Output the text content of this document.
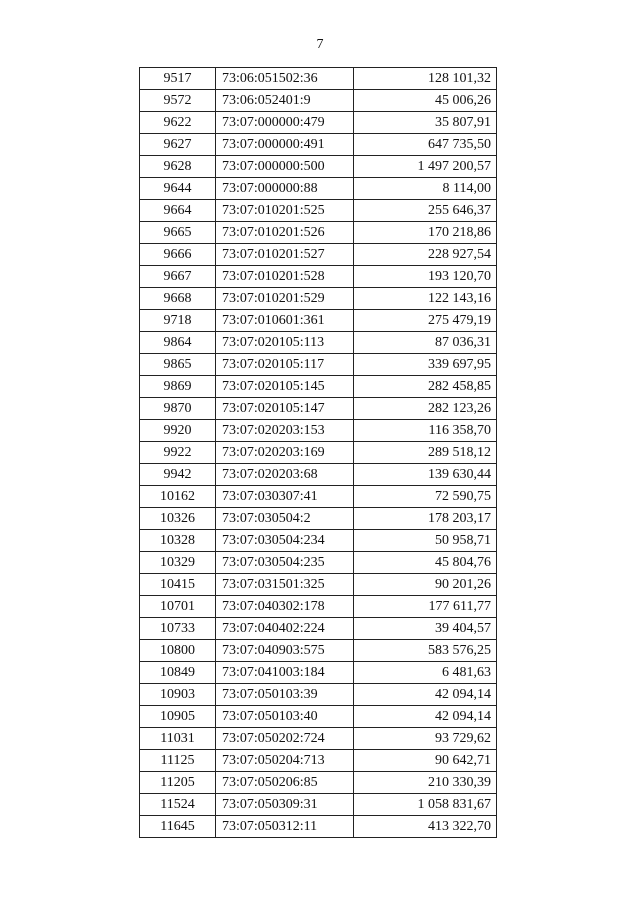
7
9517	73:06:051502:36	128 101,32
9572	73:06:052401:9	45 006,26
9622	73:07:000000:479	35 807,91
9627	73:07:000000:491	647 735,50
9628	73:07:000000:500	1 497 200,57
9644	73:07:000000:88	8 114,00
9664	73:07:010201:525	255 646,37
9665	73:07:010201:526	170 218,86
9666	73:07:010201:527	228 927,54
9667	73:07:010201:528	193 120,70
9668	73:07:010201:529	122 143,16
9718	73:07:010601:361	275 479,19
9864	73:07:020105:113	87 036,31
9865	73:07:020105:117	339 697,95
9869	73:07:020105:145	282 458,85
9870	73:07:020105:147	282 123,26
9920	73:07:020203:153	116 358,70
9922	73:07:020203:169	289 518,12
9942	73:07:020203:68	139 630,44
10162	73:07:030307:41	72 590,75
10326	73:07:030504:2	178 203,17
10328	73:07:030504:234	50 958,71
10329	73:07:030504:235	45 804,76
10415	73:07:031501:325	90 201,26
10701	73:07:040302:178	177 611,77
10733	73:07:040402:224	39 404,57
10800	73:07:040903:575	583 576,25
10849	73:07:041003:184	6 481,63
10903	73:07:050103:39	42 094,14
10905	73:07:050103:40	42 094,14
11031	73:07:050202:724	93 729,62
11125	73:07:050204:713	90 642,71
11205	73:07:050206:85	210 330,39
11524	73:07:050309:31	1 058 831,67
11645	73:07:050312:11	413 322,70
